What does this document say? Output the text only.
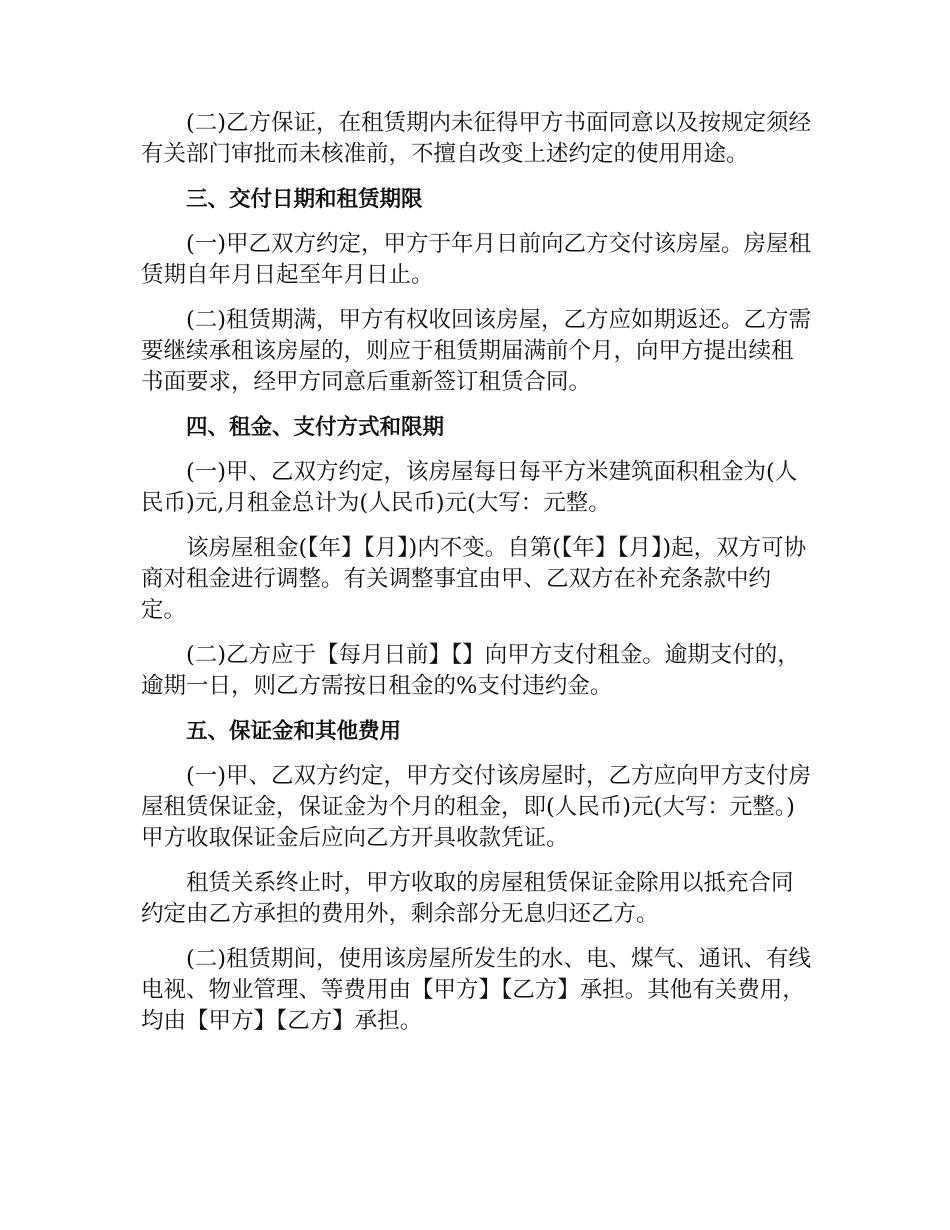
(二)乙方保证，在租赁期内未征得甲方书面同意以及按规定须经有关部门审批而未核准前，不擅自改变上述约定的使用用途。

三、交付日期和租赁期限

(一)甲乙双方约定，甲方于年月日前向乙方交付该房屋。房屋租赁期自年月日起至年月日止。

(二)租赁期满，甲方有权收回该房屋，乙方应如期返还。乙方需要继续承租该房屋的，则应于租赁期届满前个月，向甲方提出续租书面要求，经甲方同意后重新签订租赁合同。

四、租金、支付方式和限期

(一)甲、乙双方约定，该房屋每日每平方米建筑面积租金为(人民币)元,月租金总计为(人民币)元(大写：元整。

该房屋租金(【年】【月】)内不变。自第(【年】【月】)起，双方可协商对租金进行调整。有关调整事宜由甲、乙双方在补充条款中约定。

(二)乙方应于【每月日前】【】向甲方支付租金。逾期支付的，逾期一日，则乙方需按日租金的%支付违约金。

五、保证金和其他费用

(一)甲、乙双方约定，甲方交付该房屋时，乙方应向甲方支付房屋租赁保证金，保证金为个月的租金，即(人民币)元(大写：元整。)甲方收取保证金后应向乙方开具收款凭证。

租赁关系终止时，甲方收取的房屋租赁保证金除用以抵充合同约定由乙方承担的费用外，剩余部分无息归还乙方。

(二)租赁期间，使用该房屋所发生的水、电、煤气、通讯、有线电视、物业管理、等费用由【甲方】【乙方】承担。其他有关费用，均由【甲方】【乙方】承担。
